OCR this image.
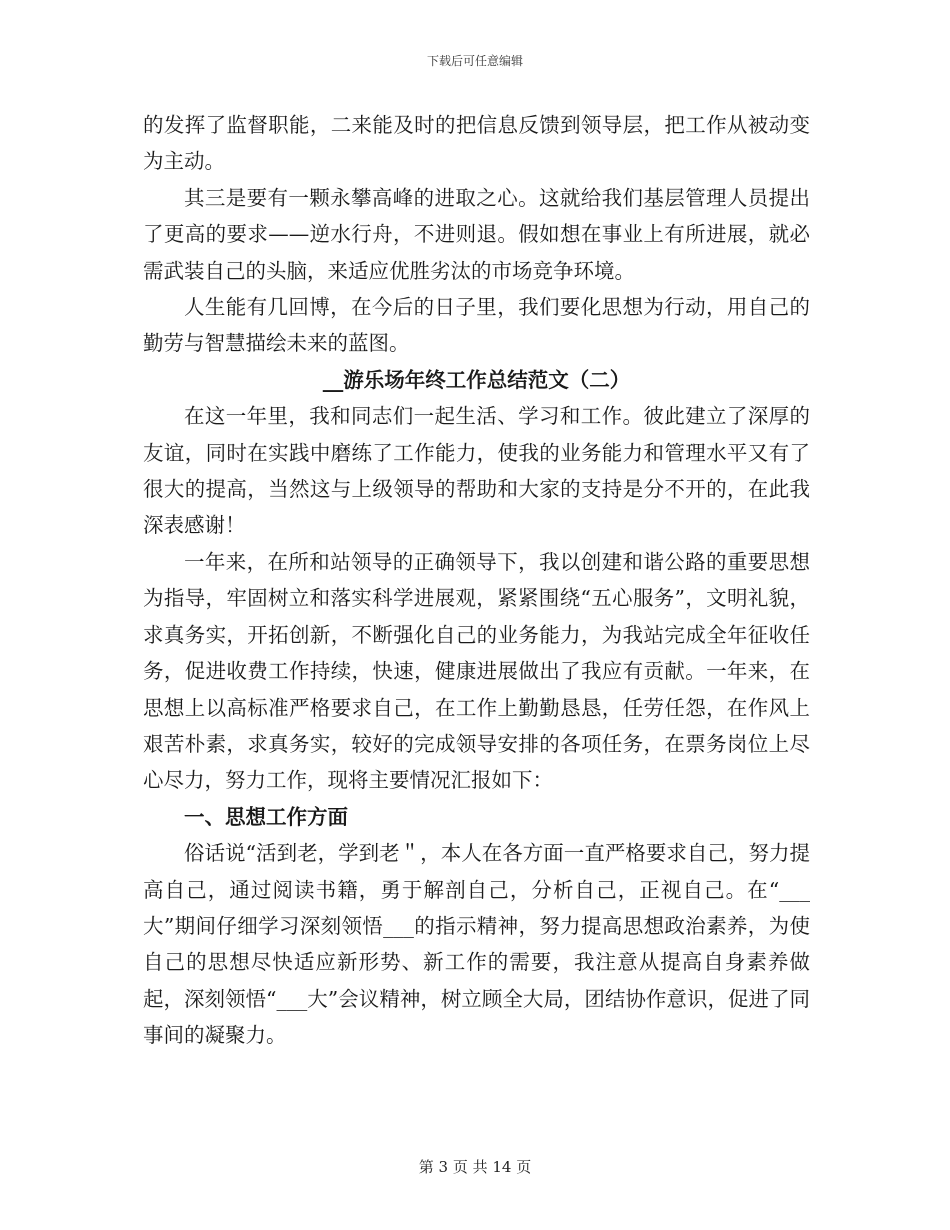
下载后可任意编辑

的发挥了监督职能，二来能及时的把信息反馈到领导层，把工作从被动变为主动。

其三是要有一颗永攀高峰的进取之心。这就给我们基层管理人员提出了更高的要求——逆水行舟，不进则退。假如想在事业上有所进展，就必需武装自己的头脑，来适应优胜劣汰的市场竞争环境。

人生能有几回博，在今后的日子里，我们要化思想为行动，用自己的勤劳与智慧描绘未来的蓝图。

__游乐场年终工作总结范文（二）

在这一年里，我和同志们一起生活、学习和工作。彼此建立了深厚的友谊，同时在实践中磨练了工作能力，使我的业务能力和管理水平又有了很大的提高，当然这与上级领导的帮助和大家的支持是分不开的，在此我深表感谢！

一年来，在所和站领导的正确领导下，我以创建和谐公路的重要思想为指导，牢固树立和落实科学进展观，紧紧围绕“五心服务”，文明礼貌，求真务实，开拓创新，不断强化自己的业务能力，为我站完成全年征收任务，促进收费工作持续，快速，健康进展做出了我应有贡献。一年来，在思想上以高标准严格要求自己，在工作上勤勤恳恳，任劳任怨，在作风上艰苦朴素，求真务实，较好的完成领导安排的各项任务，在票务岗位上尽心尽力，努力工作，现将主要情况汇报如下：

一、思想工作方面

俗话说“活到老，学到老＂，本人在各方面一直严格要求自己，努力提高自己，通过阅读书籍，勇于解剖自己，分析自己，正视自己。在“___大”期间仔细学习深刻领悟___的指示精神，努力提高思想政治素养，为使自己的思想尽快适应新形势、新工作的需要，我注意从提高自身素养做起，深刻领悟“___大”会议精神，树立顾全大局，团结协作意识，促进了同事间的凝聚力。

第 3 页 共 14 页
